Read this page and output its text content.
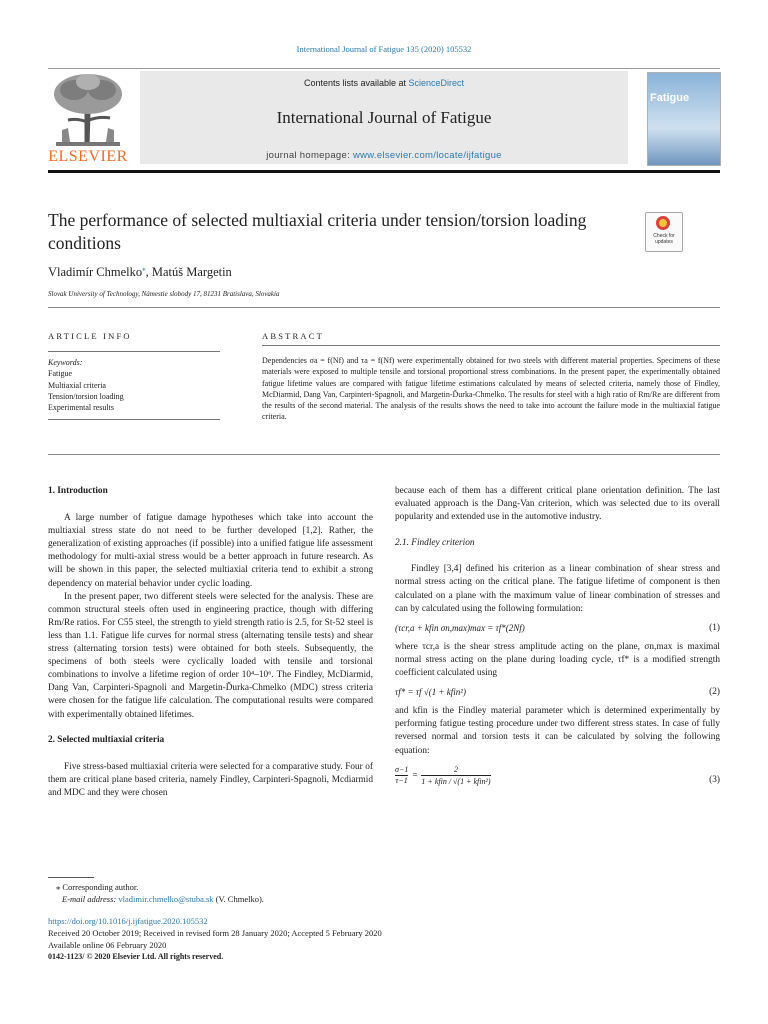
International Journal of Fatigue 135 (2020) 105532
ELSEVIER
Contents lists available at ScienceDirect
International Journal of Fatigue
journal homepage: www.elsevier.com/locate/ijfatigue
Fatigue
The performance of selected multiaxial criteria under tension/torsion loading conditions	Check for updates
Vladimír Chmelko⁎, Matúš Margetin
Slovak University of Technology, Námestie slobody 17, 81231 Bratislava, Slovakia
ARTICLE INFO
Keywords:
Fatigue
Multiaxial criteria
Tension/torsion loading
Experimental results
ABSTRACT
Dependencies σa = f(Nf) and τa = f(Nf) were experimentally obtained for two steels with different material properties. Specimens of these materials were exposed to multiple tensile and torsional proportional stress combinations. In the present paper, the experimentally obtained fatigue lifetime values are compared with fatigue lifetime estimations calculated by means of selected criteria, namely those of Findley, McDiarmid, Dang Van, Carpinteri-Spagnoli, and Margetin-Ďurka-Chmelko. The results for steel with a high ratio of Rm/Re are different from the results of the second material. The analysis of the results shows the need to take into account the failure mode in the multiaxial fatigue criteria.
1. Introduction

A large number of fatigue damage hypotheses which take into account the multiaxial stress state do not need to be further developed [1,2]. Rather, the generalization of existing approaches (if possible) into a unified fatigue life assessment methodology for multi-axial stress would be a better approach in future research. As will be shown in this paper, the selected multiaxial criteria tend to exhibit a strong dependency on material behavior under cyclic loading.

In the present paper, two different steels were selected for the analysis. These are common structural steels often used in engineering practice, though with differing Rm/Re ratios. For C55 steel, the strength to yield strength ratio is 2.5, for St-52 steel is less than 1.1. Fatigue life curves for normal stress (alternating tensile tests) and shear stress (alternating torsion tests) were obtained for both steels. Subsequently, the specimens of both steels were cyclically loaded with tensile and torsional combinations to involve a lifetime region of order 10⁴–10⁶. The Findley, McDiarmid, Dang Van, Carpinteri-Spagnoli and Margetin-Ďurka-Chmelko (MDC) stress criteria were chosen for the fatigue life calculation. The computational results were compared with experimentally obtained lifetimes.

2. Selected multiaxial criteria

Five stress-based multiaxial criteria were selected for a comparative study. Four of them are critical plane based criteria, namely Findley, Carpinteri-Spagnoli, Mcdiarmid and MDC and they were chosen

because each of them has a different critical plane orientation definition. The last evaluated approach is the Dang-Van criterion, which was selected due to its overall popularity and extended use in the automotive industry.
2.1. Findley criterion

Findley [3,4] defined his criterion as a linear combination of shear stress and normal stress acting on the critical plane. The fatigue lifetime of component is then calculated on a plane with the maximum value of linear combination of stresses and can by calculated using the following formulation:

(τcr,a + kfin σn,max)max = τf*(2Nf)	(1)
where τcr,a is the shear stress amplitude acting on the plane, σn,max is maximal normal stress acting on the plane during loading cycle, τf* is a modified strength coefficient calculated using
τf* = τf √(1 + kfin²)	(2)
and kfin is the Findley material parameter which is determined experimentally by performing fatigue testing procedure under two different stress states. In case of fully reversed normal and torsion tests it can be calculated by solving the following equation:
$\frac{\sigma-1}{\tau-1}$ =
2
1 + kfin / √(1 + kfin²)	(3)
⁎ Corresponding author.
E-mail address: vladimir.chmelko@stuba.sk (V. Chmelko).
https://doi.org/10.1016/j.ijfatigue.2020.105532
Received 20 October 2019; Received in revised form 28 January 2020; Accepted 5 February 2020
Available online 06 February 2020
0142-1123/ © 2020 Elsevier Ltd. All rights reserved.
